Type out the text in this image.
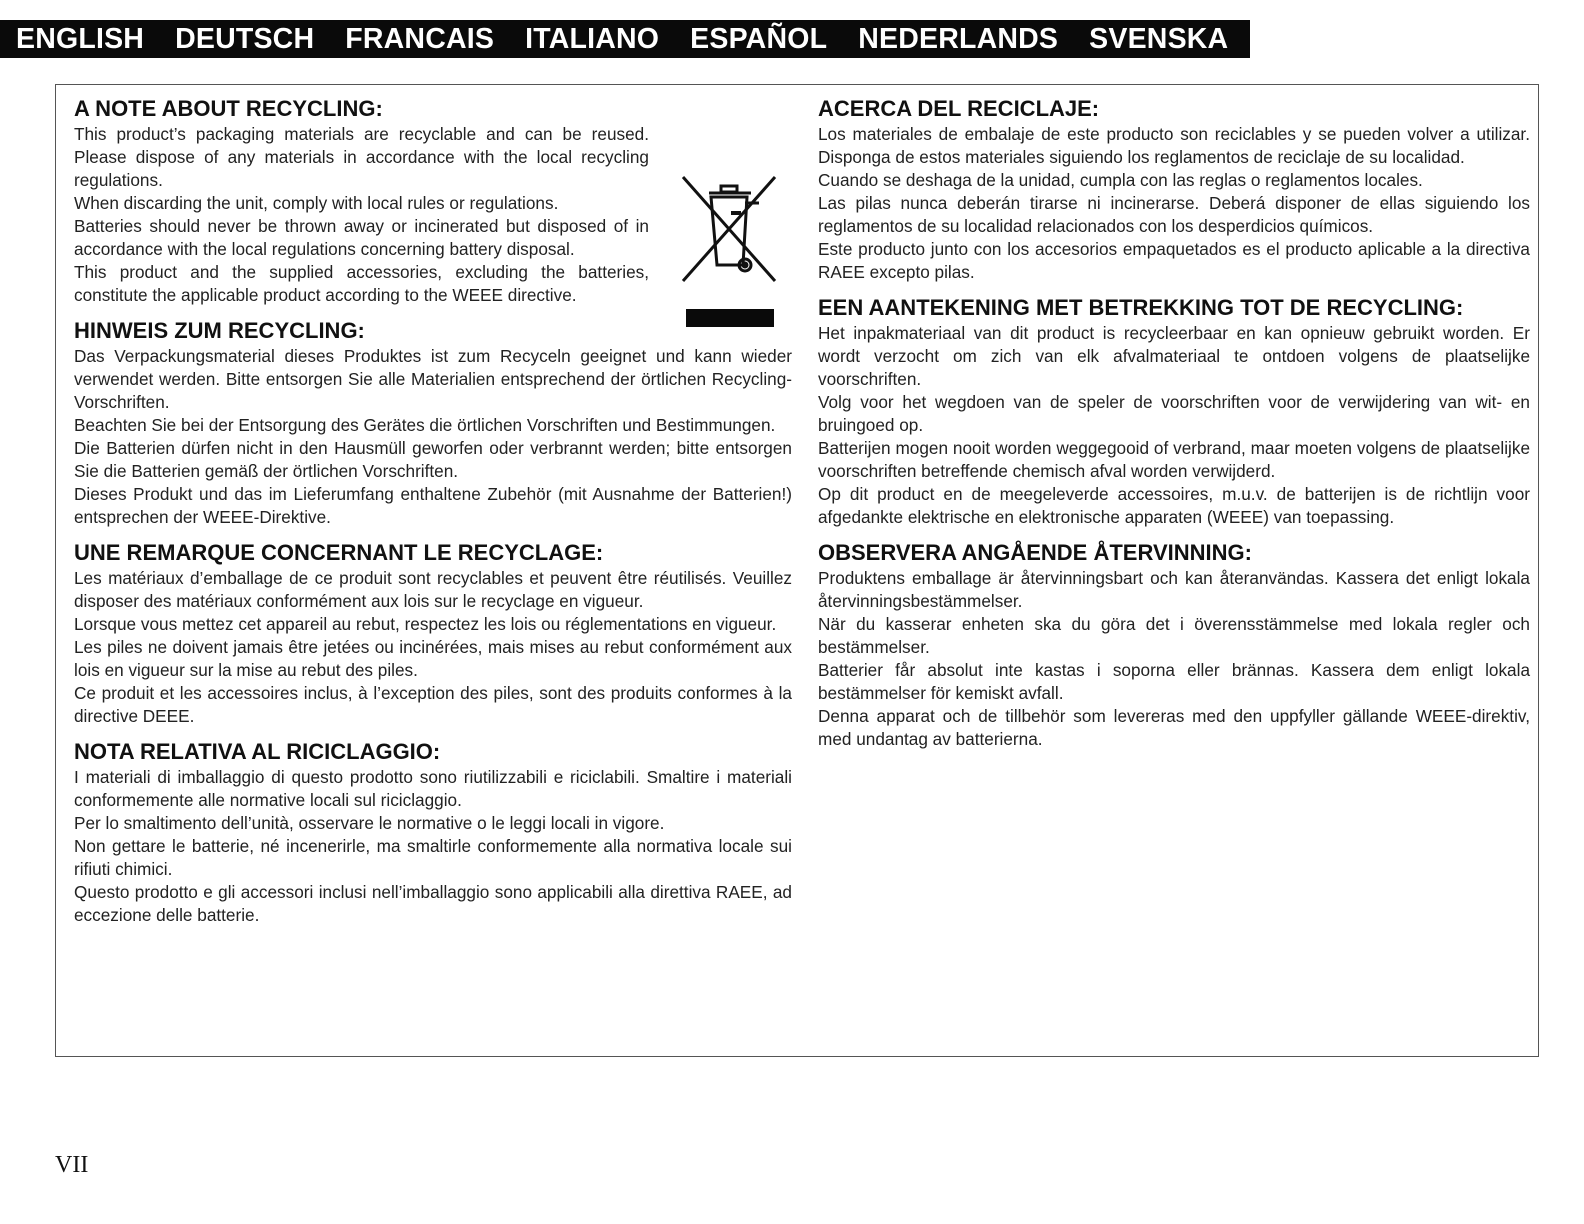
ENGLISH DEUTSCH FRANCAIS ITALIANO ESPAÑOL NEDERLANDS SVENSKA
A NOTE ABOUT RECYCLING:

This product’s packaging materials are recyclable and can be reused. Please dispose of any materials in accordance with the local recycling regulations.

When discarding the unit, comply with local rules or regulations.

Batteries should never be thrown away or incinerated but disposed of in accordance with the local regulations concerning battery disposal.

This product and the supplied accessories, excluding the batteries, constitute the applicable product according to the WEEE directive.

HINWEIS ZUM RECYCLING:

Das Verpackungsmaterial dieses Produktes ist zum Recyceln geeignet und kann wieder verwendet werden. Bitte entsorgen Sie alle Materialien entsprechend der örtlichen Recycling-Vorschriften.

Beachten Sie bei der Entsorgung des Gerätes die örtlichen Vorschriften und Bestimmungen.

Die Batterien dürfen nicht in den Hausmüll geworfen oder verbrannt werden; bitte entsorgen Sie die Batterien gemäß der örtlichen Vorschriften.

Dieses Produkt und das im Lieferumfang enthaltene Zubehör (mit Ausnahme der Batterien!) entsprechen der WEEE-Direktive.

UNE REMARQUE CONCERNANT LE RECYCLAGE:

Les matériaux d’emballage de ce produit sont recyclables et peuvent être réutilisés. Veuillez disposer des matériaux conformément aux lois sur le recyclage en vigueur.

Lorsque vous mettez cet appareil au rebut, respectez les lois ou réglementations en vigueur.

Les piles ne doivent jamais être jetées ou incinérées, mais mises au rebut conformément aux lois en vigueur sur la mise au rebut des piles.

Ce produit et les accessoires inclus, à l’exception des piles, sont des produits conformes à la directive DEEE.

NOTA RELATIVA AL RICICLAGGIO:

I materiali di imballaggio di questo prodotto sono riutilizzabili e riciclabili. Smaltire i materiali conformemente alle normative locali sul riciclaggio.

Per lo smaltimento dell’unità, osservare le normative o le leggi locali in vigore.

Non gettare le batterie, né incenerirle, ma smaltirle conformemente alla normativa locale sui rifiuti chimici.

Questo prodotto e gli accessori inclusi nell’imballaggio sono applicabili alla direttiva RAEE, ad eccezione delle batterie.

ACERCA DEL RECICLAJE:

Los materiales de embalaje de este producto son reciclables y se pueden volver a utilizar. Disponga de estos materiales siguiendo los reglamentos de reciclaje de su localidad.

Cuando se deshaga de la unidad, cumpla con las reglas o reglamentos locales.

Las pilas nunca deberán tirarse ni incinerarse. Deberá disponer de ellas siguiendo los reglamentos de su localidad relacionados con los desperdicios químicos.

Este producto junto con los accesorios empaquetados es el producto aplicable a la directiva RAEE excepto pilas.

EEN AANTEKENING MET BETREKKING TOT DE RECYCLING:

Het inpakmateriaal van dit product is recycleerbaar en kan opnieuw gebruikt worden. Er wordt verzocht om zich van elk afvalmateriaal te ontdoen volgens de plaatselijke voorschriften.

Volg voor het wegdoen van de speler de voorschriften voor de verwijdering van wit- en bruingoed op.

Batterijen mogen nooit worden weggegooid of verbrand, maar moeten volgens de plaatselijke voorschriften betreffende chemisch afval worden verwijderd.

Op dit product en de meegeleverde accessoires, m.u.v. de batterijen is de richtlijn voor afgedankte elektrische en elektronische apparaten (WEEE) van toepassing.

OBSERVERA ANGÅENDE ÅTERVINNING:

Produktens emballage är återvinningsbart och kan återanvändas. Kassera det enligt lokala återvinningsbestämmelser.

När du kasserar enheten ska du göra det i överensstämmelse med lokala regler och bestämmelser.

Batterier får absolut inte kastas i soporna eller brännas. Kassera dem enligt lokala bestämmelser för kemiskt avfall.

Denna apparat och de tillbehör som levereras med den uppfyller gällande WEEE-direktiv, med undantag av batterierna.

VII
